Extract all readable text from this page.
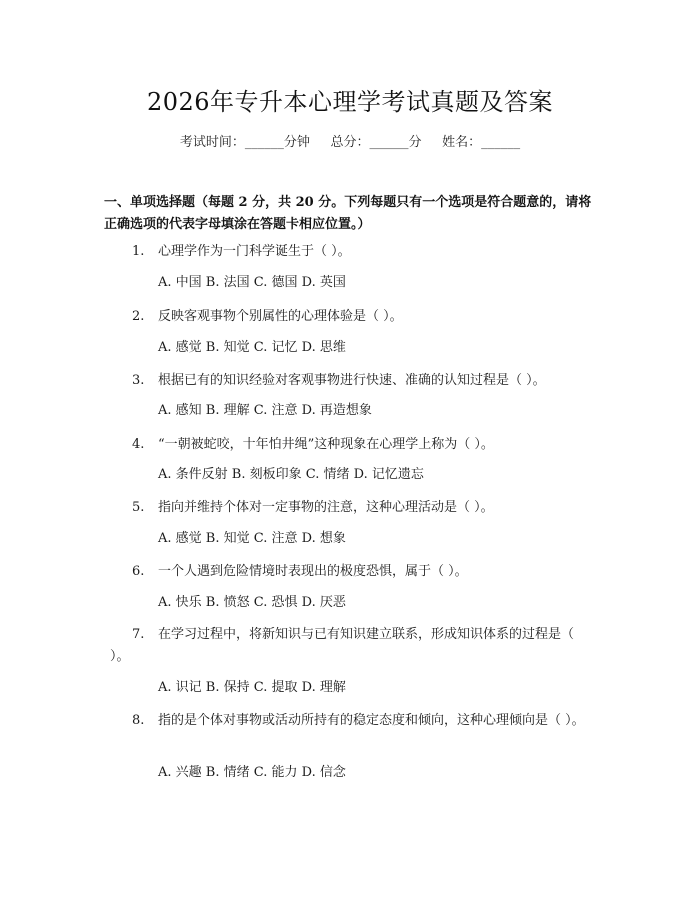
2026年专升本心理学考试真题及答案
考试时间：______分钟     总分：______分     姓名：______
一、单项选择题（每题 2 分，共 20 分。下列每题只有一个选项是符合题意的，请将正确选项的代表字母填涂在答题卡相应位置。）
1. 心理学作为一门科学诞生于（ ）。
A. 中国 B. 法国 C. 德国 D. 英国
2. 反映客观事物个别属性的心理体验是（ ）。
A. 感觉 B. 知觉 C. 记忆 D. 思维
3. 根据已有的知识经验对客观事物进行快速、准确的认知过程是（ ）。
A. 感知 B. 理解 C. 注意 D. 再造想象
4. “一朝被蛇咬，十年怕井绳”这种现象在心理学上称为（ ）。
A. 条件反射 B. 刻板印象 C. 情绪 D. 记忆遗忘
5. 指向并维持个体对一定事物的注意，这种心理活动是（ ）。
A. 感觉 B. 知觉 C. 注意 D. 想象
6. 一个人遇到危险情境时表现出的极度恐惧，属于（ ）。
A. 快乐 B. 愤怒 C. 恐惧 D. 厌恶
7. 在学习过程中，将新知识与已有知识建立联系，形成知识体系的过程是（ ）。
A. 识记 B. 保持 C. 提取 D. 理解
8. 指的是个体对事物或活动所持有的稳定态度和倾向，这种心理倾向是（ ）。
A. 兴趣 B. 情绪 C. 能力 D. 信念
